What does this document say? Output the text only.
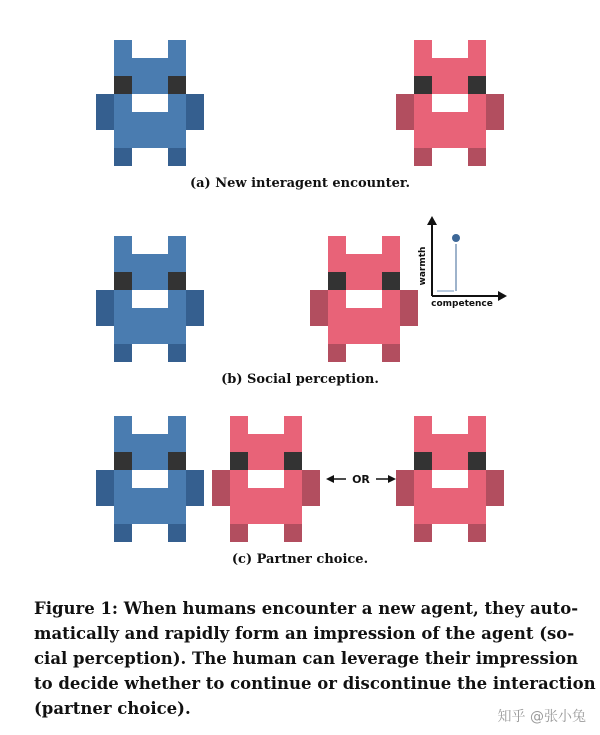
warmth
competence
OR
(a) New interagent encounter.
(b) Social perception.
(c) Partner choice.
Figure 1: When humans encounter a new agent, they auto-
matically and rapidly form an impression of the agent (so-
cial perception). The human can leverage their impression
to decide whether to continue or discontinue the interaction
(partner choice).	知乎 @张小兔
